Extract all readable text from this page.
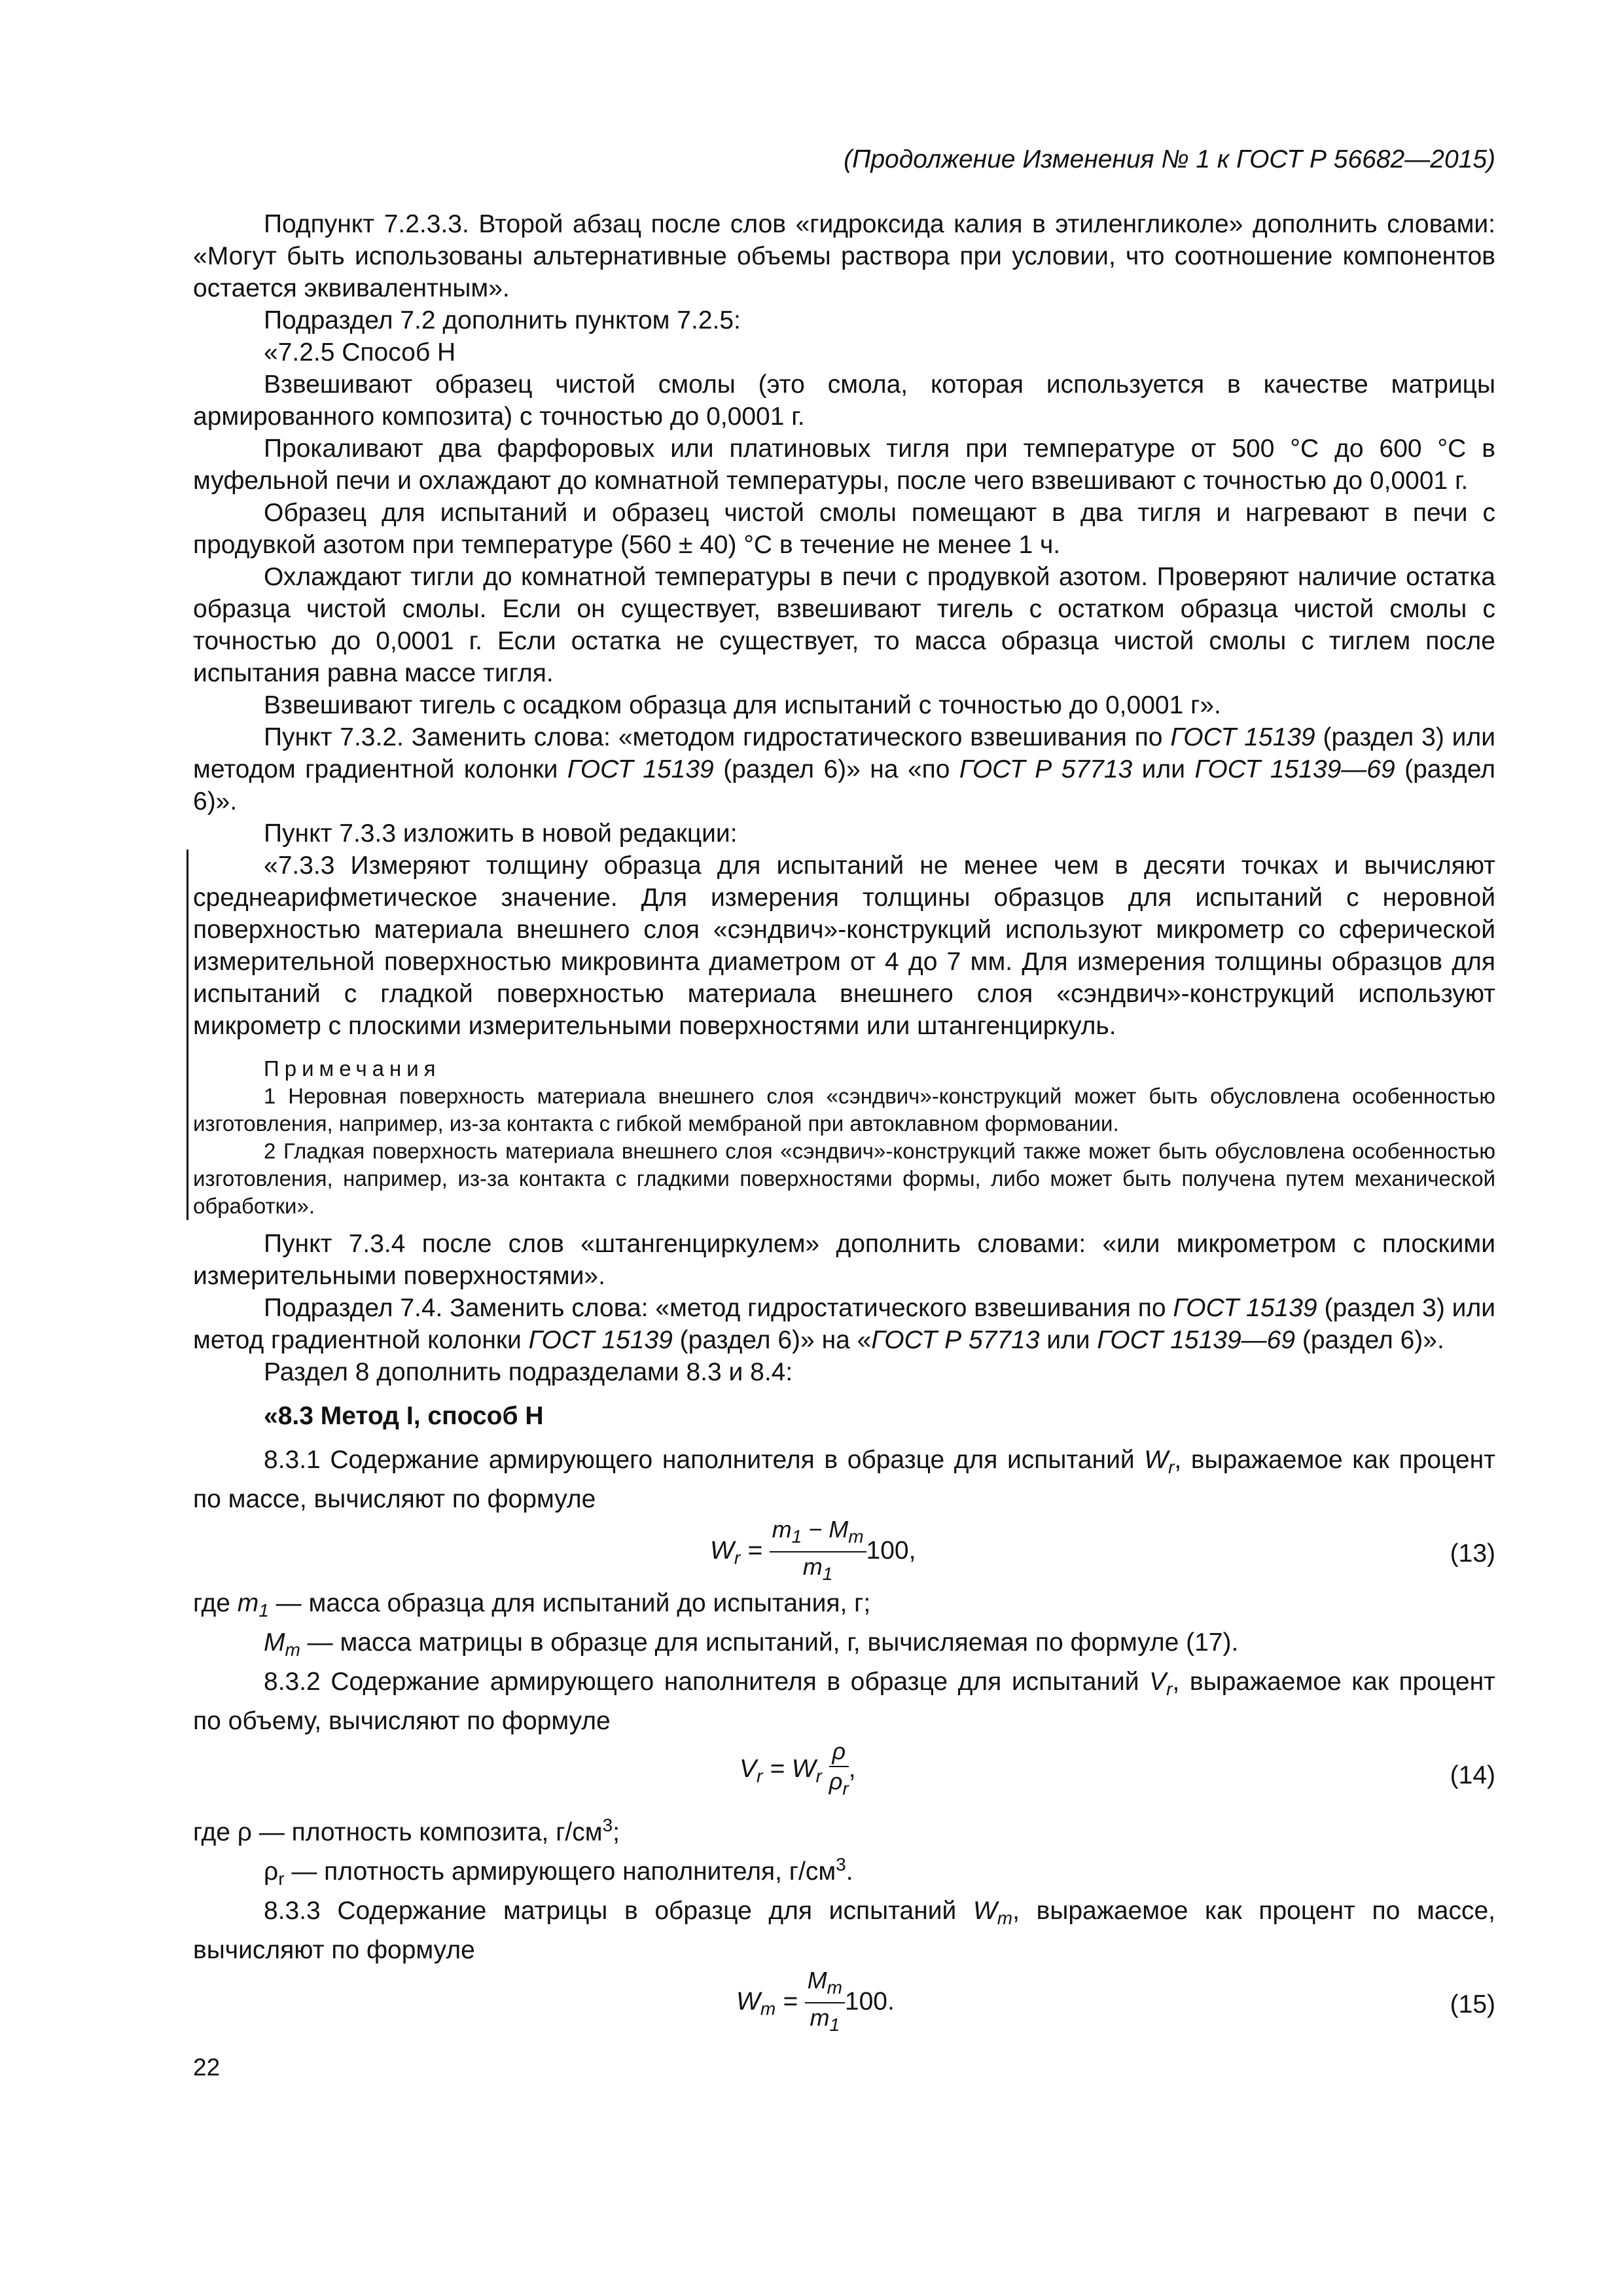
(Продолжение Изменения № 1 к ГОСТ Р 56682—2015)

Подпункт 7.2.3.3. Второй абзац после слов «гидроксида калия в этиленгликоле» дополнить словами: «Могут быть использованы альтернативные объемы раствора при условии, что соотношение компонентов остается эквивалентным».

Подраздел 7.2 дополнить пунктом 7.2.5:

«7.2.5 Способ Н

Взвешивают образец чистой смолы (это смола, которая используется в качестве матрицы армированного композита) с точностью до 0,0001 г.

Прокаливают два фарфоровых или платиновых тигля при температуре от 500 °С до 600 °С в муфельной печи и охлаждают до комнатной температуры, после чего взвешивают с точностью до 0,0001 г.

Образец для испытаний и образец чистой смолы помещают в два тигля и нагревают в печи с продувкой азотом при температуре (560 ± 40) °С в течение не менее 1 ч.

Охлаждают тигли до комнатной температуры в печи с продувкой азотом. Проверяют наличие остатка образца чистой смолы. Если он существует, взвешивают тигель с остатком образца чистой смолы с точностью до 0,0001 г. Если остатка не существует, то масса образца чистой смолы с тиглем после испытания равна массе тигля.

Взвешивают тигель с осадком образца для испытаний с точностью до 0,0001 г».

Пункт 7.3.2. Заменить слова: «методом гидростатического взвешивания по ГОСТ 15139 (раздел 3) или методом градиентной колонки ГОСТ 15139 (раздел 6)» на «по ГОСТ Р 57713 или ГОСТ 15139—69 (раздел 6)».

Пункт 7.3.3 изложить в новой редакции:

«7.3.3 Измеряют толщину образца для испытаний не менее чем в десяти точках и вычисляют среднеарифметическое значение. Для измерения толщины образцов для испытаний с неровной поверхностью материала внешнего слоя «сэндвич»-конструкций используют микрометр со сферической измерительной поверхностью микровинта диаметром от 4 до 7 мм. Для измерения толщины образцов для испытаний с гладкой поверхностью материала внешнего слоя «сэндвич»-конструкций используют микрометр с плоскими измерительными поверхностями или штангенциркуль.

Примечания
1 Неровная поверхность материала внешнего слоя «сэндвич»-конструкций может быть обусловлена особенностью изготовления, например, из-за контакта с гибкой мембраной при автоклавном формовании.
2 Гладкая поверхность материала внешнего слоя «сэндвич»-конструкций также может быть обусловлена особенностью изготовления, например, из-за контакта с гладкими поверхностями формы, либо может быть получена путем механической обработки».

Пункт 7.3.4 после слов «штангенциркулем» дополнить словами: «или микрометром с плоскими измерительными поверхностями».

Подраздел 7.4. Заменить слова: «метод гидростатического взвешивания по ГОСТ 15139 (раздел 3) или метод градиентной колонки ГОСТ 15139 (раздел 6)» на «ГОСТ Р 57713 или ГОСТ 15139—69 (раздел 6)».

Раздел 8 дополнить подразделами 8.3 и 8.4:

«8.3 Метод I, способ Н

8.3.1 Содержание армирующего наполнителя в образце для испытаний $W_r$, выражаемое как процент по массе, вычисляют по формуле

$W_r = \frac{m_1 - M_m}{m_1} 100$,	(13)

где $m_1$ — масса образца для испытаний до испытания, г;

$M_m$ — масса матрицы в образце для испытаний, г, вычисляемая по формуле (17).

8.3.2 Содержание армирующего наполнителя в образце для испытаний $V_r$, выражаемое как процент по объему, вычисляют по формуле

$V_r = W_r \frac{\rho}{\rho_r}$ ,	(14)

где ρ — плотность композита, $г/см^3$;

$\rho_r$ — плотность армирующего наполнителя, $г/см^3$.

8.3.3 Содержание матрицы в образце для испытаний $W_m$, выражаемое как процент по массе, вычисляют по формуле

$W_m = \frac{M_m}{m_1} 100$.	(15)
22
